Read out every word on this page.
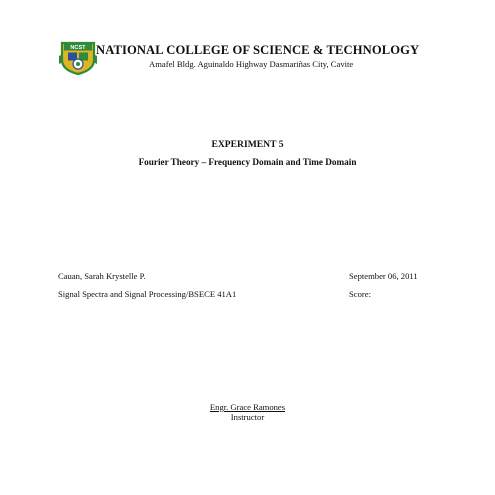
NCST NATIONAL COLLEGE OF SCIENCE & TECHNOLOGY
Amafel Bldg. Aguinaldo Highway Dasmariñas City, Cavite
EXPERIMENT 5
Fourier Theory – Frequency Domain and Time Domain
Cauan, Sarah Krystelle P.	September 06, 2011
Signal Spectra and Signal Processing/BSECE 41A1	Score:
Engr. Grace Ramones
Instructor
